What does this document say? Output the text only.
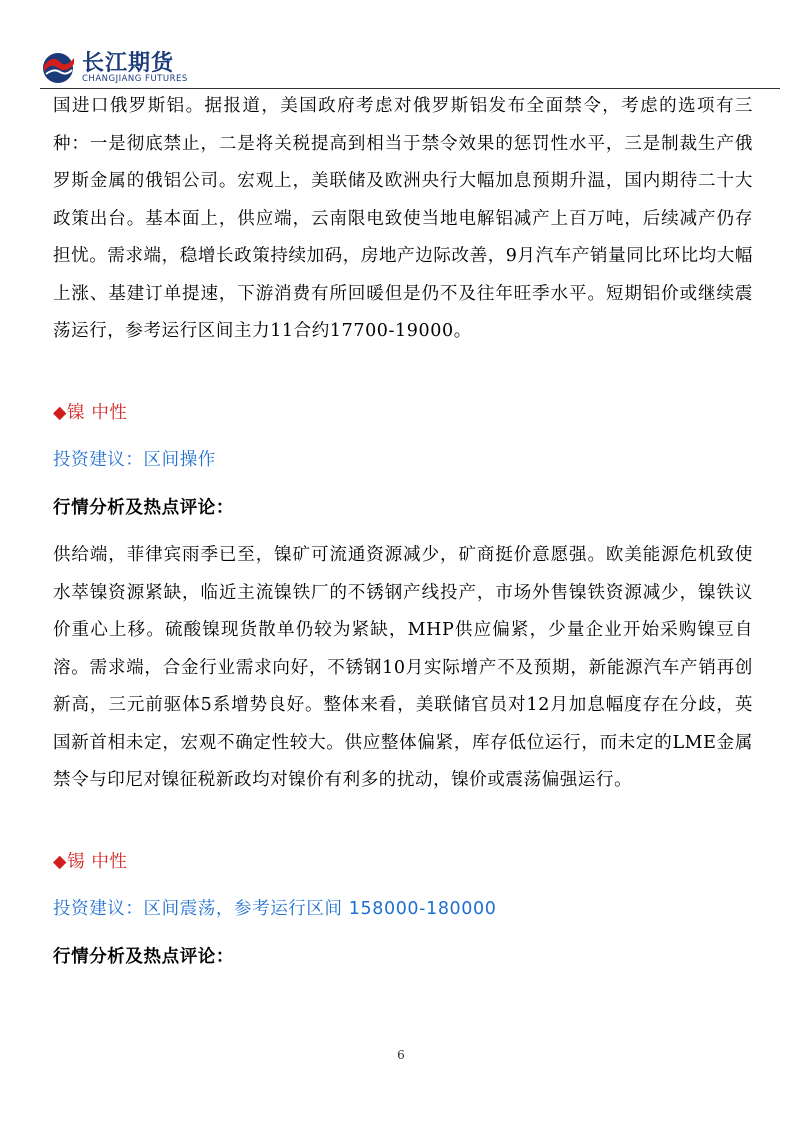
长江期货
CHANGJIANG FUTURES

国进口俄罗斯铝。据报道，美国政府考虑对俄罗斯铝发布全面禁令，考虑的选项有三种：一是彻底禁止，二是将关税提高到相当于禁令效果的惩罚性水平，三是制裁生产俄罗斯金属的俄铝公司。宏观上，美联储及欧洲央行大幅加息预期升温，国内期待二十大政策出台。基本面上，供应端，云南限电致使当地电解铝减产上百万吨，后续减产仍存担忧。需求端，稳增长政策持续加码，房地产边际改善，9月汽车产销量同比环比均大幅上涨、基建订单提速，下游消费有所回暖但是仍不及往年旺季水平。短期铝价或继续震荡运行，参考运行区间主力11合约17700-19000。

◆镍 中性
投资建议：区间操作
行情分析及热点评论：

供给端，菲律宾雨季已至，镍矿可流通资源减少，矿商挺价意愿强。欧美能源危机致使水萃镍资源紧缺，临近主流镍铁厂的不锈钢产线投产，市场外售镍铁资源减少，镍铁议价重心上移。硫酸镍现货散单仍较为紧缺，MHP供应偏紧，少量企业开始采购镍豆自溶。需求端，合金行业需求向好，不锈钢10月实际增产不及预期，新能源汽车产销再创新高，三元前驱体5系增势良好。整体来看，美联储官员对12月加息幅度存在分歧，英国新首相未定，宏观不确定性较大。供应整体偏紧，库存低位运行，而未定的LME金属禁令与印尼对镍征税新政均对镍价有利多的扰动，镍价或震荡偏强运行。

◆锡 中性
投资建议：区间震荡，参考运行区间 158000-180000
行情分析及热点评论：
6
